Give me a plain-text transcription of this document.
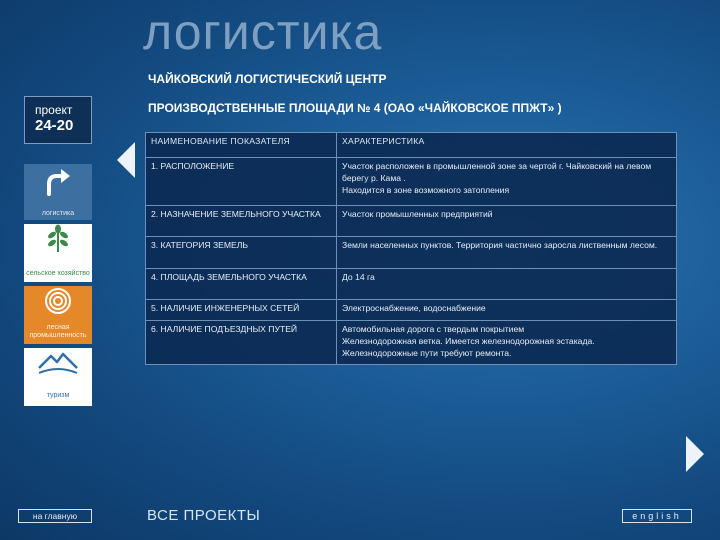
логистика
ЧАЙКОВСКИЙ ЛОГИСТИЧЕСКИЙ ЦЕНТР
ПРОИЗВОДСТВЕННЫЕ ПЛОЩАДИ № 4 (ОАО «ЧАЙКОВСКОЕ ППЖТ» )
проект
24-20
логистика
сельское хозяйство
лесная промышленность
туризм
НАИМЕНОВАНИЕ ПОКАЗАТЕЛЯ	ХАРАКТЕРИСТИКА
1. РАСПОЛОЖЕНИЕ	Участок расположен в промышленной зоне за чертой г. Чайковский на левом берегу р. Кама .
Находится в зоне возможного затопления

2. НАЗНАЧЕНИЕ ЗЕМЕЛЬНОГО УЧАСТКА	Участок промышленных предприятий

3. КАТЕГОРИЯ ЗЕМЕЛЬ	Земли населенных пунктов. Территория частично заросла лиственным лесом.

4. ПЛОЩАДЬ ЗЕМЕЛЬНОГО УЧАСТКА	До 14 га

5. НАЛИЧИЕ ИНЖЕНЕРНЫХ СЕТЕЙ	Электроснабжение, водоснабжение

6. НАЛИЧИЕ ПОДЪЕЗДНЫХ ПУТЕЙ	Автомобильная дорога с твердым покрытием
Железнодорожная ветка. Имеется железнодорожная эстакада.
Железнодорожные пути требуют ремонта.
на главную	ВСЕ ПРОЕКТЫ	english
